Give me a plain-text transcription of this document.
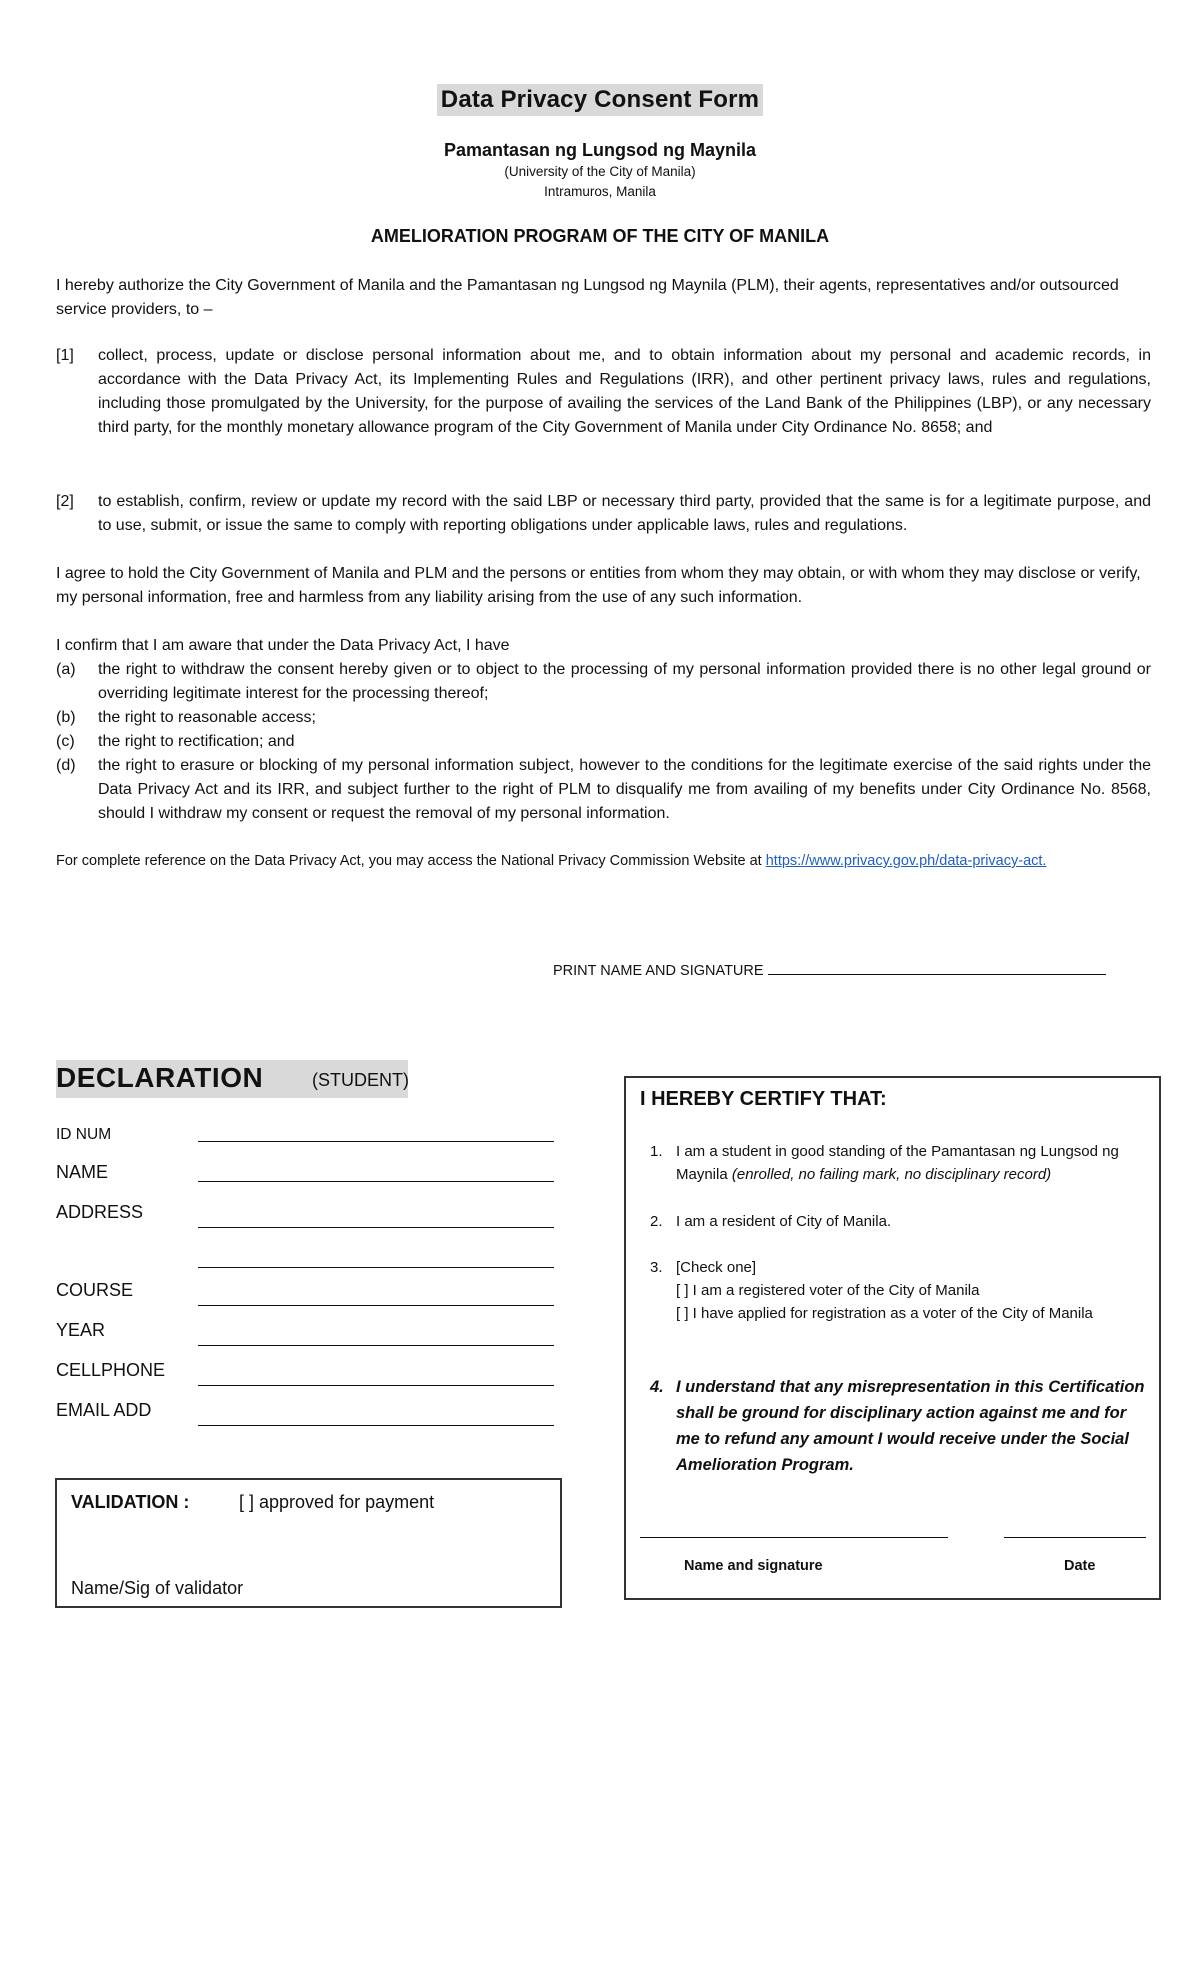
Data Privacy Consent Form
Pamantasan ng Lungsod ng Maynila
(University of the City of Manila)
Intramuros, Manila
AMELIORATION PROGRAM OF THE CITY OF MANILA
I hereby authorize the City Government of Manila and the Pamantasan ng Lungsod ng Maynila (PLM), their agents, representatives and/or outsourced service providers, to –
[1] collect, process, update or disclose personal information about me, and to obtain information about my personal and academic records, in accordance with the Data Privacy Act, its Implementing Rules and Regulations (IRR), and other pertinent privacy laws, rules and regulations, including those promulgated by the University, for the purpose of availing the services of the Land Bank of the Philippines (LBP), or any necessary third party, for the monthly monetary allowance program of the City Government of Manila under City Ordinance No. 8658; and
[2] to establish, confirm, review or update my record with the said LBP or necessary third party, provided that the same is for a legitimate purpose, and to use, submit, or issue the same to comply with reporting obligations under applicable laws, rules and regulations.
I agree to hold the City Government of Manila and PLM and the persons or entities from whom they may obtain, or with whom they may disclose or verify, my personal information, free and harmless from any liability arising from the use of any such information.
I confirm that I am aware that under the Data Privacy Act, I have
(a) the right to withdraw the consent hereby given or to object to the processing of my personal information provided there is no other legal ground or overriding legitimate interest for the processing thereof;
(b) the right to reasonable access;
(c) the right to rectification; and
(d) the right to erasure or blocking of my personal information subject, however to the conditions for the legitimate exercise of the said rights under the Data Privacy Act and its IRR, and subject further to the right of PLM to disqualify me from availing of my benefits under City Ordinance No. 8568, should I withdraw my consent or request the removal of my personal information.
For complete reference on the Data Privacy Act, you may access the National Privacy Commission Website at https://www.privacy.gov.ph/data-privacy-act.
PRINT NAME AND SIGNATURE
DECLARATION	(STUDENT)
ID NUM
NAME
ADDRESS
COURSE
YEAR
CELLPHONE
EMAIL ADD
VALIDATION :	[ ] approved for payment
Name/Sig of validator
I HEREBY CERTIFY THAT:
1. I am a student in good standing of the Pamantasan ng Lungsod ng Maynila (enrolled, no failing mark, no disciplinary record)
2. I am a resident of City of Manila.
3. [Check one]
[ ] I am a registered voter of the City of Manila
[ ] I have applied for registration as a voter of the City of Manila
4. I understand that any misrepresentation in this Certification shall be ground for disciplinary action against me and for me to refund any amount I would receive under the Social Amelioration Program.
Name and signature	Date
